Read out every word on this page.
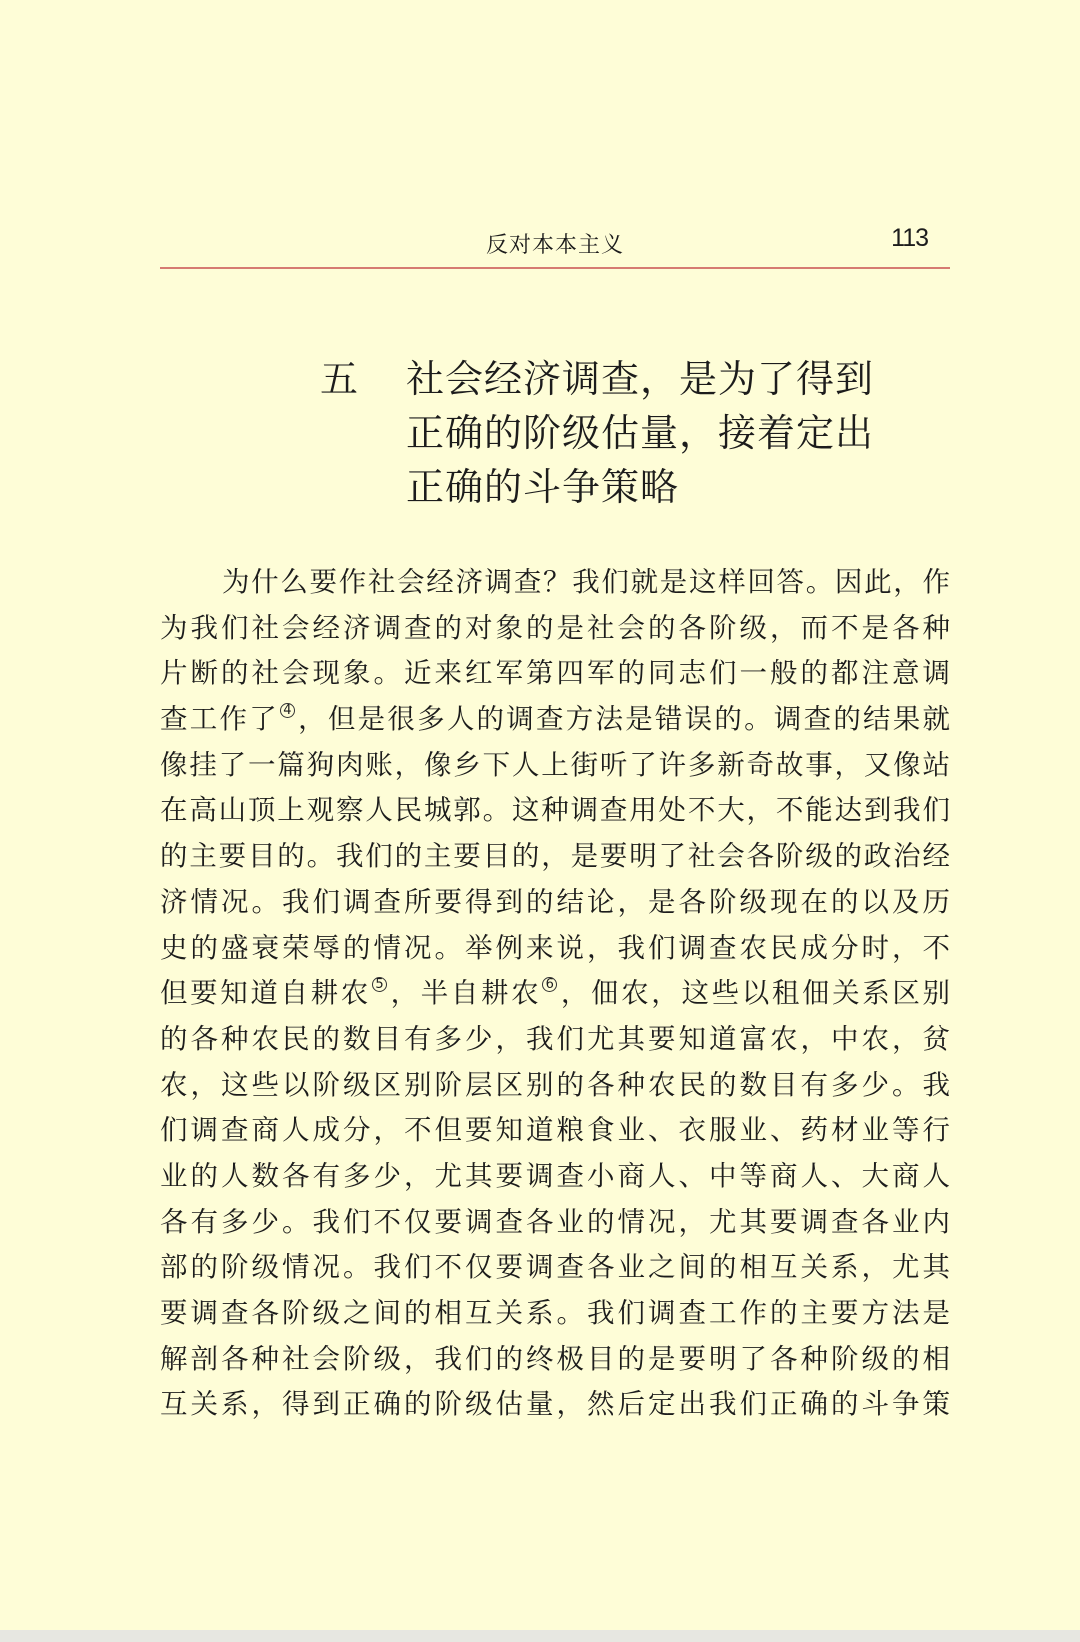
反对本本主义	113
五 社会经济调查，是为了得到
正确的阶级估量，接着定出
正确的斗争策略
为什么要作社会经济调查？我们就是这样回答。因此，作
为我们社会经济调查的对象的是社会的各阶级，而不是各种
片断的社会现象。近来红军第四军的同志们一般的都注意调
查工作了 4 ，但是很多人的调查方法是错误的。调查的结果就
像挂了一篇狗肉账，像乡下人上街听了许多新奇故事，又像站
在高山顶上观察人民城郭。这种调查用处不大，不能达到我们
的主要目的。我们的主要目的，是要明了社会各阶级的政治经
济情况。我们调查所要得到的结论，是各阶级现在的以及历
史的盛衰荣辱的情况。举例来说，我们调查农民成分时，不
但要知道自耕农 5 ，半自耕农 6 ，佃农，这些以租佃关系区别
的各种农民的数目有多少，我们尤其要知道富农，中农，贫
农，这些以阶级区别阶层区别的各种农民的数目有多少。我
们调查商人成分，不但要知道粮食业、衣服业、药材业等行
业的人数各有多少，尤其要调查小商人、中等商人、大商人
各有多少。我们不仅要调查各业的情况，尤其要调查各业内
部的阶级情况。我们不仅要调查各业之间的相互关系，尤其
要调查各阶级之间的相互关系。我们调查工作的主要方法是
解剖各种社会阶级，我们的终极目的是要明了各种阶级的相
互关系，得到正确的阶级估量，然后定出我们正确的斗争策
